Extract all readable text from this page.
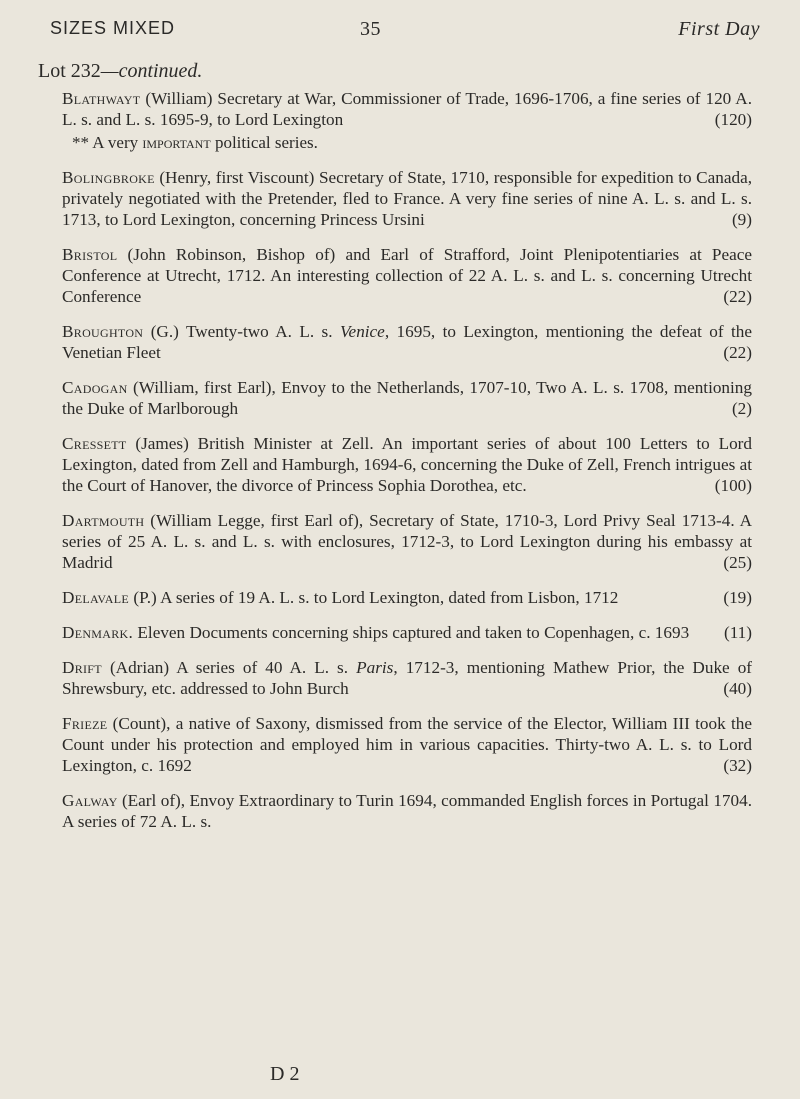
SIZES MIXED	35	First Day
Lot 232—continued.
Blathwayt (William) Secretary at War, Commissioner of Trade, 1696-1706, a fine series of 120 A. L. s. and L. s. 1695-9, to Lord Lexington	(120)
** A very important political series.
Bolingbroke (Henry, first Viscount) Secretary of State, 1710, responsible for expedition to Canada, privately negotiated with the Pretender, fled to France. A very fine series of nine A. L. s. and L. s. 1713, to Lord Lexington, concerning Princess Ursini	(9)
Bristol (John Robinson, Bishop of) and Earl of Strafford, Joint Plenipotentiaries at Peace Conference at Utrecht, 1712. An interesting collection of 22 A. L. s. and L. s. concerning Utrecht Conference	(22)
Broughton (G.) Twenty-two A. L. s. Venice, 1695, to Lexington, mentioning the defeat of the Venetian Fleet	(22)
Cadogan (William, first Earl), Envoy to the Netherlands, 1707-10, Two A. L. s. 1708, mentioning the Duke of Marlborough	(2)
Cressett (James) British Minister at Zell. An important series of about 100 Letters to Lord Lexington, dated from Zell and Hamburgh, 1694-6, concerning the Duke of Zell, French intrigues at the Court of Hanover, the divorce of Princess Sophia Dorothea, etc.	(100)
Dartmouth (William Legge, first Earl of), Secretary of State, 1710-3, Lord Privy Seal 1713-4. A series of 25 A. L. s. and L. s. with enclosures, 1712-3, to Lord Lexington during his embassy at Madrid	(25)
Delavale (P.) A series of 19 A. L. s. to Lord Lexington, dated from Lisbon, 1712	(19)
Denmark. Eleven Documents concerning ships captured and taken to Copenhagen, c. 1693 (11)
Drift (Adrian) A series of 40 A. L. s. Paris, 1712-3, mentioning Mathew Prior, the Duke of Shrewsbury, etc. addressed to John Burch	(40)
Frieze (Count), a native of Saxony, dismissed from the service of the Elector, William III took the Count under his protection and employed him in various capacities. Thirty-two A. L. s. to Lord Lexington, c. 1692	(32)
Galway (Earl of), Envoy Extraordinary to Turin 1694, commanded English forces in Portugal 1704. A series of 72 A. L. s.
D 2
